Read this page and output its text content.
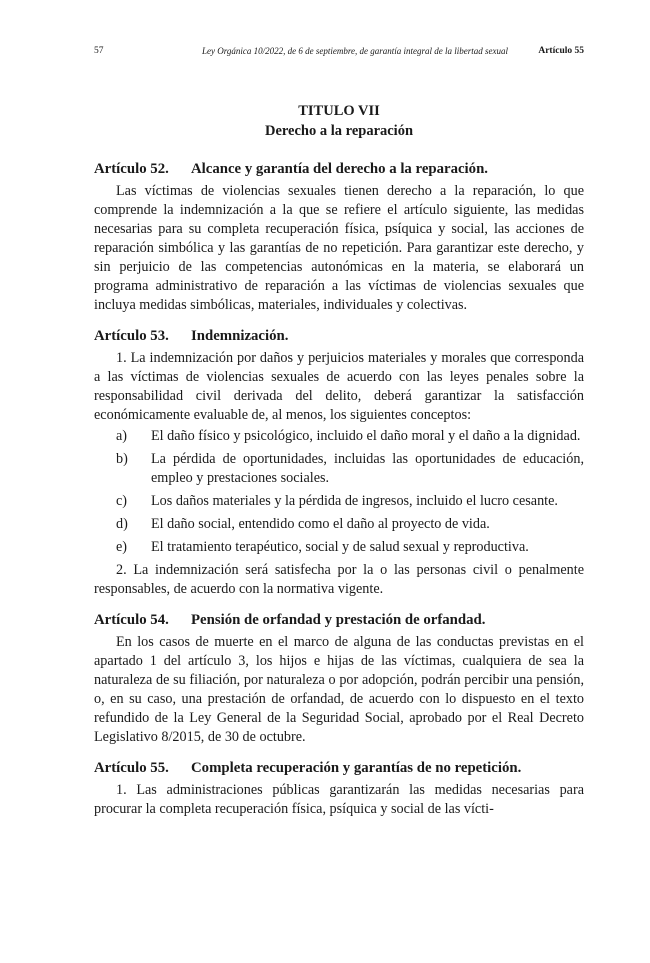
57	Ley Orgánica 10/2022, de 6 de septiembre, de garantía integral de la libertad sexual	Artículo 55
TITULO VII
Derecho a la reparación
Artículo 52. Alcance y garantía del derecho a la reparación.

Las víctimas de violencias sexuales tienen derecho a la reparación, lo que comprende la indemnización a la que se refiere el artículo siguiente, las medidas necesarias para su completa recuperación física, psíquica y social, las acciones de reparación simbólica y las garantías de no repetición. Para garantizar este derecho, y sin perjuicio de las competencias autonómicas en la materia, se elaborará un programa administrativo de reparación a las víctimas de violencias sexuales que incluya medidas simbólicas, materiales, individuales y colectivas.

Artículo 53. Indemnización.

1. La indemnización por daños y perjuicios materiales y morales que corresponda a las víctimas de violencias sexuales de acuerdo con las leyes penales sobre la responsabilidad civil derivada del delito, deberá garantizar la satisfacción económicamente evaluable de, al menos, los siguientes conceptos:

a)	El daño físico y psicológico, incluido el daño moral y el daño a la dignidad.
b)	La pérdida de oportunidades, incluidas las oportunidades de educación, empleo y prestaciones sociales.
c)	Los daños materiales y la pérdida de ingresos, incluido el lucro cesante.
d)	El daño social, entendido como el daño al proyecto de vida.
e)	El tratamiento terapéutico, social y de salud sexual y reproductiva.

2. La indemnización será satisfecha por la o las personas civil o penalmente responsables, de acuerdo con la normativa vigente.

Artículo 54. Pensión de orfandad y prestación de orfandad.

En los casos de muerte en el marco de alguna de las conductas previstas en el apartado 1 del artículo 3, los hijos e hijas de las víctimas, cualquiera de sea la naturaleza de su filiación, por naturaleza o por adopción, podrán percibir una pensión, o, en su caso, una prestación de orfandad, de acuerdo con lo dispuesto en el texto refundido de la Ley General de la Seguridad Social, aprobado por el Real Decreto Legislativo 8/2015, de 30 de octubre.

Artículo 55. Completa recuperación y garantías de no repetición.

1. Las administraciones públicas garantizarán las medidas necesarias para procurar la completa recuperación física, psíquica y social de las vícti-
